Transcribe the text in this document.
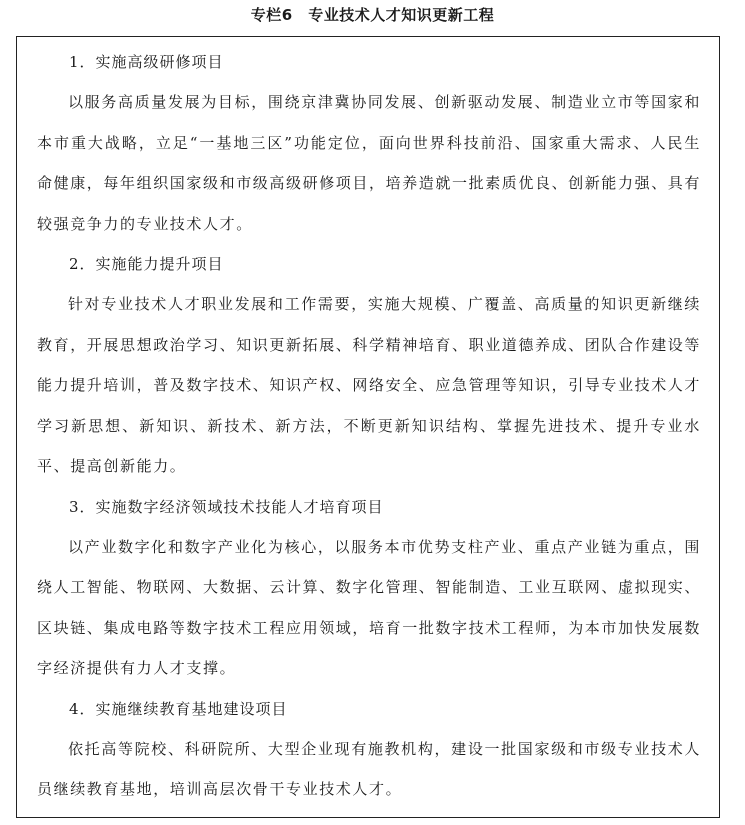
专栏6　专业技术人才知识更新工程

1．实施高级研修项目

以服务高质量发展为目标，围绕京津冀协同发展、创新驱动发展、制造业立市等国家和本市重大战略，立足“一基地三区”功能定位，面向世界科技前沿、国家重大需求、人民生命健康，每年组织国家级和市级高级研修项目，培养造就一批素质优良、创新能力强、具有较强竞争力的专业技术人才。

2．实施能力提升项目

针对专业技术人才职业发展和工作需要，实施大规模、广覆盖、高质量的知识更新继续教育，开展思想政治学习、知识更新拓展、科学精神培育、职业道德养成、团队合作建设等能力提升培训，普及数字技术、知识产权、网络安全、应急管理等知识，引导专业技术人才学习新思想、新知识、新技术、新方法，不断更新知识结构、掌握先进技术、提升专业水平、提高创新能力。

3．实施数字经济领域技术技能人才培育项目

以产业数字化和数字产业化为核心，以服务本市优势支柱产业、重点产业链为重点，围绕人工智能、物联网、大数据、云计算、数字化管理、智能制造、工业互联网、虚拟现实、区块链、集成电路等数字技术工程应用领域，培育一批数字技术工程师，为本市加快发展数字经济提供有力人才支撑。

4．实施继续教育基地建设项目

依托高等院校、科研院所、大型企业现有施教机构，建设一批国家级和市级专业技术人员继续教育基地，培训高层次骨干专业技术人才。
